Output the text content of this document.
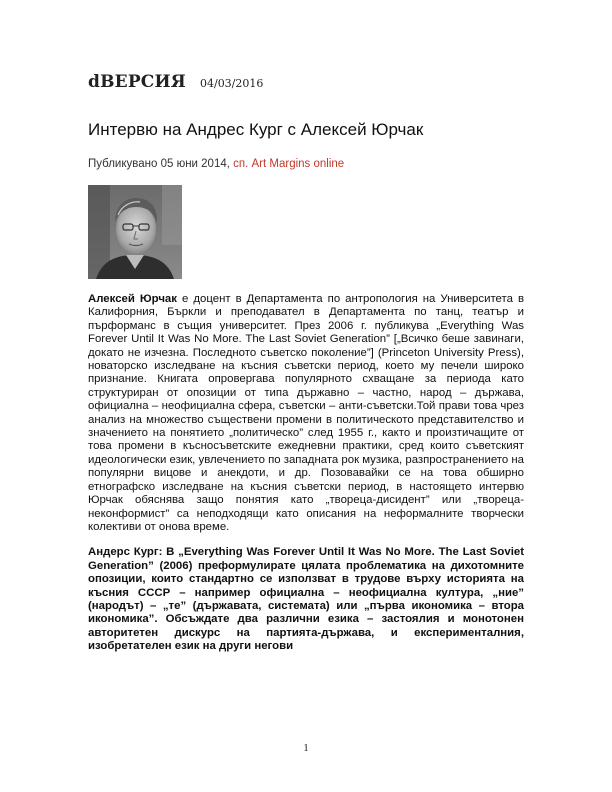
dВЕРСИЯ 04/03/2016
Интервю на Андрес Кург с Алексей Юрчак
Публикувано 05 юни 2014, сп. Art Margins online

Алексей Юрчак е доцент в Департамента по антропология на Университета в Калифорния, Бъркли и преподавател в Департамента по танц, театър и пърформанс в същия университет. През 2006 г. публикува „Everything Was Forever Until It Was No More. The Last Soviet Generation” [„Всичко беше завинаги, докато не изчезна. Последното съветско поколение”] (Princeton University Press), новаторско изследване на късния съветски период, което му печели широко признание. Книгата опровергава популярното схващане за периода като структуриран от опозиции от типа държавно – частно, народ – държава, официална – неофициална сфера, съветски – анти-съветски.Той прави това чрез анализ на множество съществени промени в политическото представителство и значението на понятието „политическо” след 1955 г., както и произтичащите от това промени в късносъветските ежедневни практики, сред които съветският идеологически език, увлечението по западната рок музика, разпространението на популярни вицове и анекдоти, и др. Позовавайки се на това обширно етнографско изследване на късния съветски период, в настоящето интервю Юрчак обяснява защо понятия като „твореца-дисидент” или „твореца-неконформист” са неподходящи като описания на неформалните творчески колективи от онова време.

Андерс Кург: В „Everything Was Forever Until It Was No More. The Last Soviet Generation” (2006) преформулирате цялата проблематика на дихотомните опозиции, които стандартно се използват в трудове върху историята на късния СССР – например официална – неофициална култура, „ние” (народът) – „те” (държавата, системата) или „първа икономика – втора икономика”. Обсъждате два различни езика – застоялия и монотонен авторитетен дискурс на партията-държава, и експерименталния, изобретателен език на други негови

1
